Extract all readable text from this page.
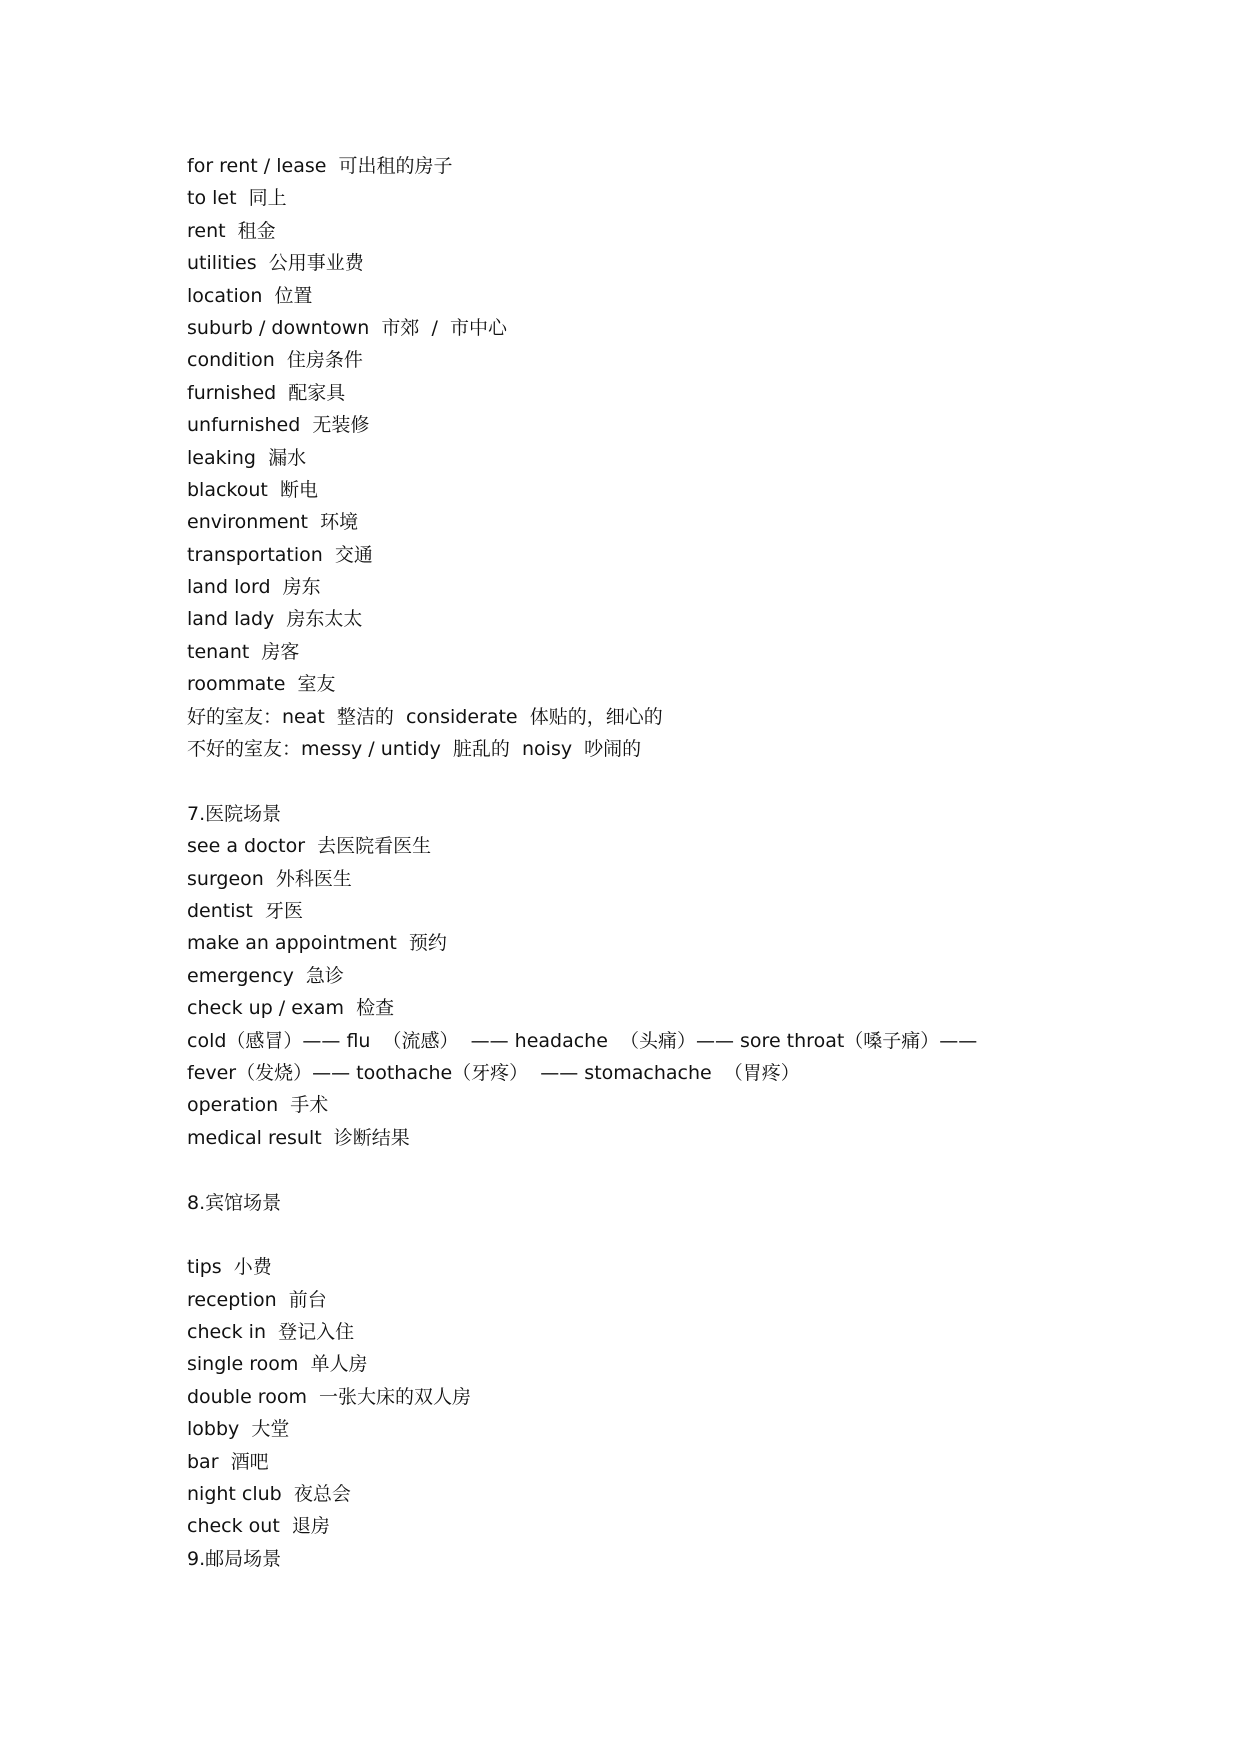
for rent / lease  可出租的房子
to let  同上
rent  租金
utilities  公用事业费
location  位置
suburb / downtown  市郊  /  市中心
condition  住房条件
furnished  配家具
unfurnished  无装修
leaking  漏水
blackout  断电
environment  环境
transportation  交通
land lord  房东
land lady  房东太太
tenant  房客
roommate  室友
好的室友：neat  整洁的  considerate  体贴的，细心的
不好的室友：messy / untidy  脏乱的  noisy  吵闹的
7.医院场景
see a doctor  去医院看医生
surgeon  外科医生
dentist  牙医
make an appointment  预约
emergency  急诊
check up / exam  检查
cold（感冒）—— flu  （流感）  —— headache  （头痛）—— sore throat（嗓子痛）——
fever（发烧）—— toothache（牙疼）  —— stomachache  （胃疼）
operation  手术
medical result  诊断结果
8.宾馆场景
tips  小费
reception  前台
check in  登记入住
single room  单人房
double room  一张大床的双人房
lobby  大堂
bar  酒吧
night club  夜总会
check out  退房
9.邮局场景
